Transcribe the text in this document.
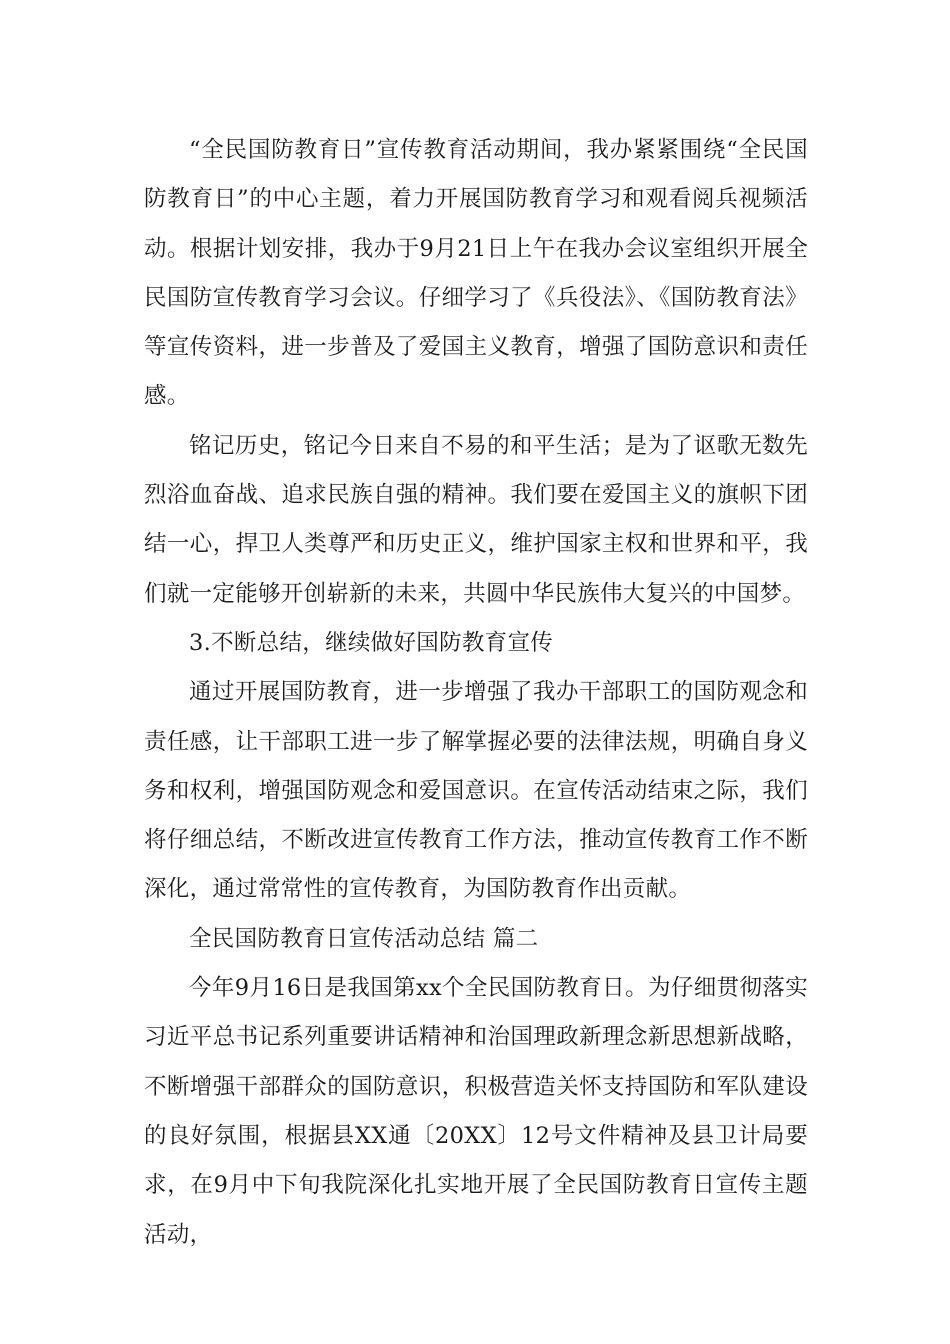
“全民国防教育日”宣传教育活动期间，我办紧紧围绕“全民国防教育日”的中心主题，着力开展国防教育学习和观看阅兵视频活动。根据计划安排，我办于9月21日上午在我办会议室组织开展全民国防宣传教育学习会议。仔细学习了《兵役法》、《国防教育法》等宣传资料，进一步普及了爱国主义教育，增强了国防意识和责任感。

铭记历史，铭记今日来自不易的和平生活；是为了讴歌无数先烈浴血奋战、追求民族自强的精神。我们要在爱国主义的旗帜下团结一心，捍卫人类尊严和历史正义，维护国家主权和世界和平，我们就一定能够开创崭新的未来，共圆中华民族伟大复兴的中国梦。

3.不断总结，继续做好国防教育宣传

通过开展国防教育，进一步增强了我办干部职工的国防观念和责任感，让干部职工进一步了解掌握必要的法律法规，明确自身义务和权利，增强国防观念和爱国意识。在宣传活动结束之际，我们将仔细总结，不断改进宣传教育工作方法，推动宣传教育工作不断深化，通过常常性的宣传教育，为国防教育作出贡献。

全民国防教育日宣传活动总结 篇二

今年9月16日是我国第xx个全民国防教育日。为仔细贯彻落实习近平总书记系列重要讲话精神和治国理政新理念新思想新战略，不断增强干部群众的国防意识，积极营造关怀支持国防和军队建设的良好氛围，根据县XX通〔20XX〕12号文件精神及县卫计局要求，在9月中下旬我院深化扎实地开展了全民国防教育日宣传主题活动，
